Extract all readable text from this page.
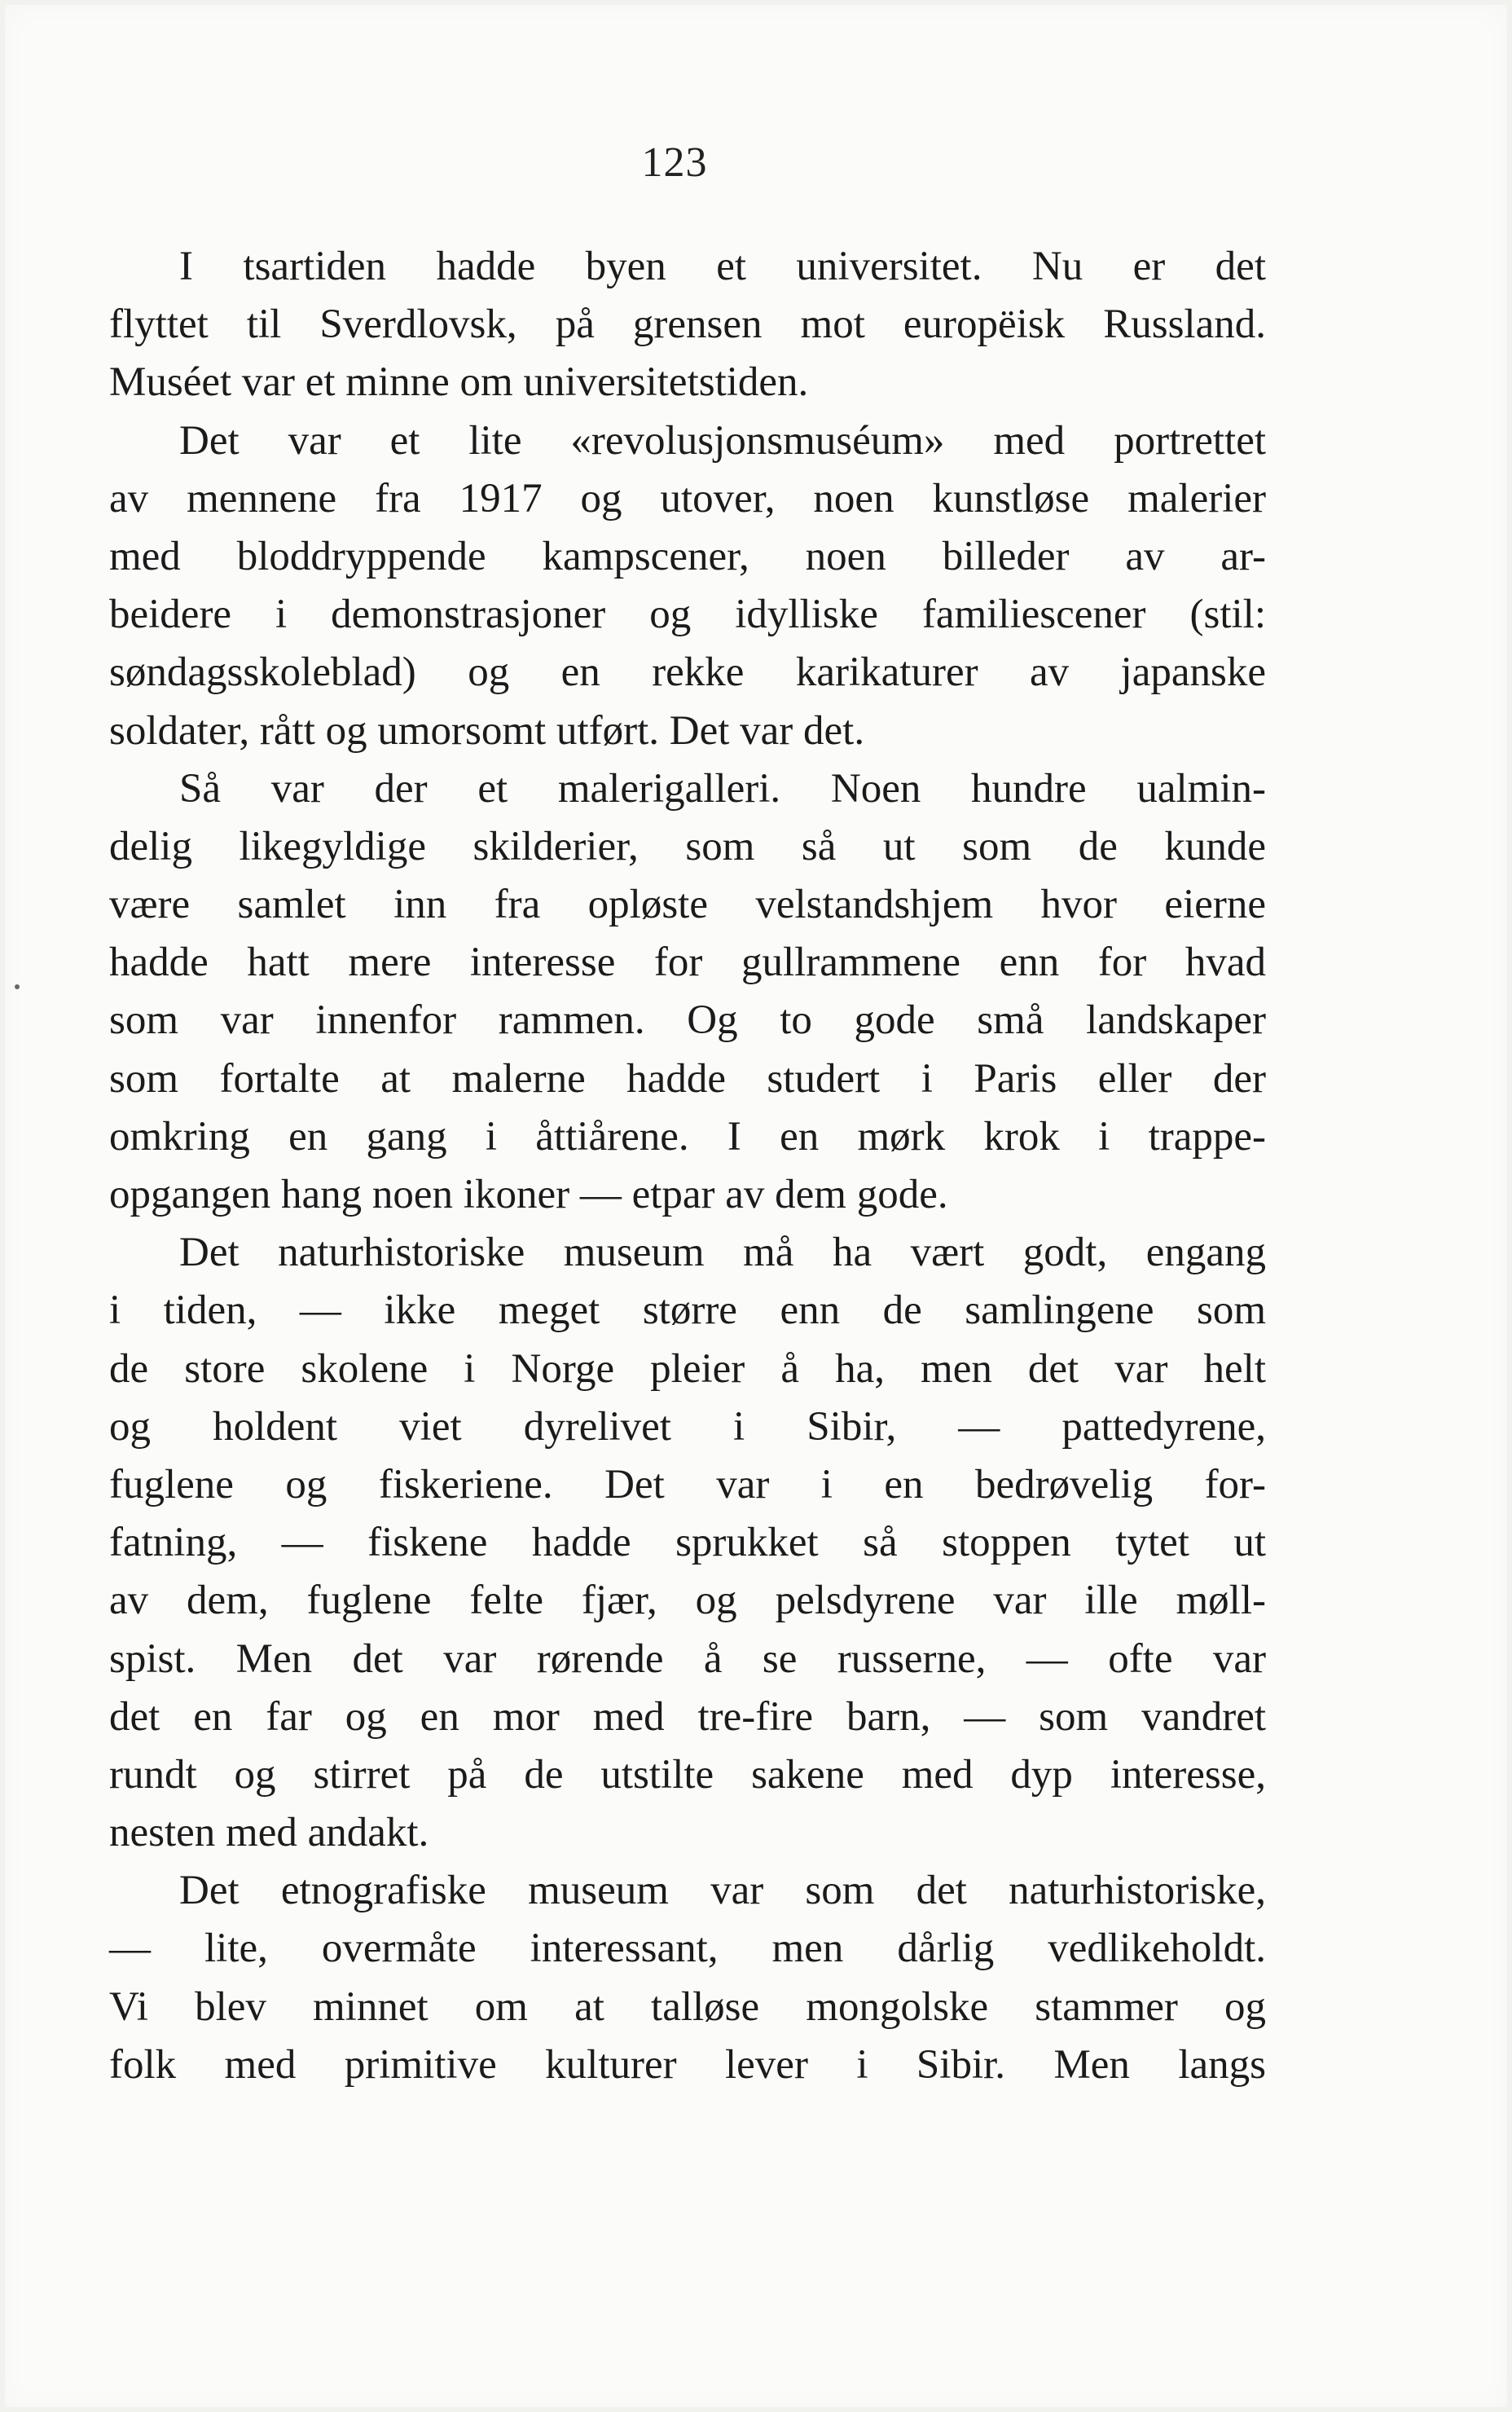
123
I tsartiden hadde byen et universitet. Nu er det
flyttet til Sverdlovsk, på grensen mot europëisk Russland.
Muséet var et minne om universitetstiden.
Det var et lite «revolusjonsmuséum» med portrettet
av mennene fra 1917 og utover, noen kunstløse malerier
med bloddryppende kampscener, noen billeder av ar-
beidere i demonstrasjoner og idylliske familiescener (stil:
søndagsskoleblad) og en rekke karikaturer av japanske
soldater, rått og umorsomt utført. Det var det.
Så var der et malerigalleri. Noen hundre ualmin-
delig likegyldige skilderier, som så ut som de kunde
være samlet inn fra opløste velstandshjem hvor eierne
hadde hatt mere interesse for gullrammene enn for hvad
som var innenfor rammen. Og to gode små landskaper
som fortalte at malerne hadde studert i Paris eller der
omkring en gang i åttiårene. I en mørk krok i trappe-
opgangen hang noen ikoner — etpar av dem gode.
Det naturhistoriske museum må ha vært godt, engang
i tiden, — ikke meget større enn de samlingene som
de store skolene i Norge pleier å ha, men det var helt
og holdent viet dyrelivet i Sibir, — pattedyrene,
fuglene og fiskeriene. Det var i en bedrøvelig for-
fatning, — fiskene hadde sprukket så stoppen tytet ut
av dem, fuglene felte fjær, og pelsdyrene var ille møll-
spist. Men det var rørende å se russerne, — ofte var
det en far og en mor med tre-fire barn, — som vandret
rundt og stirret på de utstilte sakene med dyp interesse,
nesten med andakt.
Det etnografiske museum var som det naturhistoriske,
— lite, overmåte interessant, men dårlig vedlikeholdt.
Vi blev minnet om at talløse mongolske stammer og
folk med primitive kulturer lever i Sibir. Men langs
